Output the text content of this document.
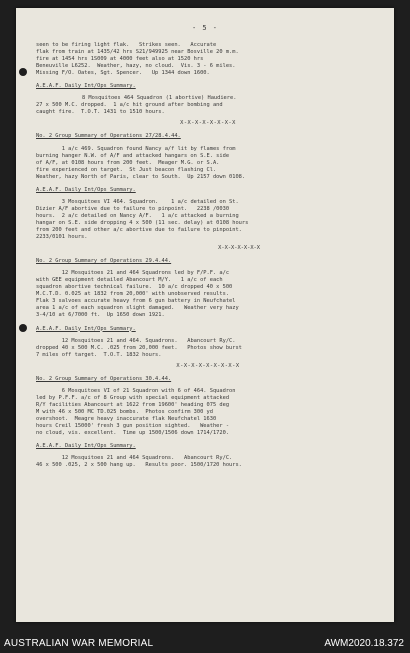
- 5 -
seen to be firing light flak.   Strikes seen.   Accurate
flak from train at 1435/42 hrs S21/949925 near Bosville 20 m.m.
fire at 1454 hrs 1S009 at 4000 feet also at 1520 hrs
Beneuville L6252.  Weather, hazy, no cloud.  Vis. 3 - 6 miles.
Missing F/O. Oates, Sgt. Spencer.   Up 1344 down 1600.
A.E.A.F. Daily Int/Ops Summary.
8 Mosquitoes 464 Squadron (1 abortive) Haudiere.
27 x 500 M.C. dropped.  1 a/c hit ground after bombing and
caught fire.  T.O.T. 1431 to 1510 hours.
X-X-X-X-X-X-X-X
No. 2 Group Summary of Operations 27/28.4.44.
1 a/c 469. Squadron found Nancy a/f lit by flames from
burning hanger N.W. of A/F and attacked hangars on S.E. side
of A/F, at 0108 hours from 200 feet.  Meager M.G. or S.A.
fire experienced on target.  St Just beacon flashing Cl.
Weather, hazy North of Paris, clear to South.  Up 2157 down 0108.
A.E.A.F. Daily Int/Ops Summary.
3 Mosquitoes VI 464. Squadron.    1 a/c detailed on St.
Dizier A/F abortive due to failure to pinpoint.   2238 /0030
hours.  2 a/c detailed on Nancy A/F.   1 a/c attacked a burning
hangar on S.E. side dropping 4 x 500 (11 sec. delay) at 0108 hours
from 200 feet and other a/c abortive due to failure to pinpoint.
2233/0101 hours.
X-X-X-X-X-X-X
No. 2 Group Summary of Operations 29.4.44.
12 Mosquitoes 21 and 464 Squadrons led by F/P.F. a/c
with GEE equipment detailed Abancourt M/Y.   1 a/c of each
squadron abortive technical failure.  10 a/c dropped 40 x 500
M.C.T.D. 0.025 at 1832 from 20,000' with unobserved results.
Flak 3 salvoes accurate heavy from 6 gun battery in Neufchatel
area 1 a/c of each squadron slight damaged.   Weather very hazy
3-4/10 at 6/7000 ft.  Up 1650 down 1921.
A.E.A.F. Daily Int/Ops Summary.
12 Mosquitoes 21 and 464. Squadrons.   Abancourt Ry/C.
dropped 40 x 500 M.C. .025 from 20,000 feet.   Photos show burst
7 miles off target.  T.O.T. 1832 hours.
X-X-X-X-X-X-X-X-X
No. 2 Group Summary of Operations 30.4.44.
6 Mosquitoes VI of 21 Squadron with 6 of 464. Squadron
led by P.F.F. a/c of 8 Group with special equipment attacked
R/Y facilities Abancourt at 1622 from 19600' heading 075 deg
M with 46 x 500 MC TD.025 bombs.  Photos confirm 300 yd
overshoot.  Meagre heavy inaccurate flak Neufchatel 1630
hours Creil 15000' fresh 3 gun position sighted.   Weather -
no cloud, vis. excellent.  Time up 1500/1506 down 1714/1720.
A.E.A.F. Daily Int/Ops Summary.
12 Mosquitoes 21 and 464 Squadrons.   Abancourt Ry/C.
46 x 500 .025, 2 x 500 hang up.   Results poor. 1500/1720 hours.
AUSTRALIAN WAR MEMORIAL	AWM2020.18.372
